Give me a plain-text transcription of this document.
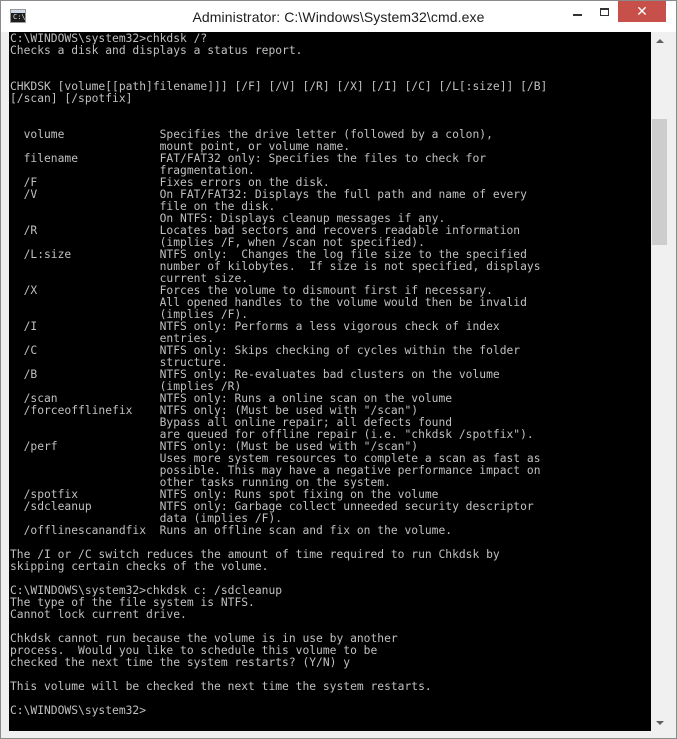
C:\	Administrator: C:\Windows\System32\cmd.exe	✕
C:\WINDOWS\system32>chkdsk /?
Checks a disk and displays a status report.

CHKDSK [volume[[path]filename]]] [/F] [/V] [/R] [/X] [/I] [/C] [/L[:size]] [/B]
[/scan] [/spotfix]

volume              Specifies the drive letter (followed by a colon),
mount point, or volume name.
filename            FAT/FAT32 only: Specifies the files to check for
fragmentation.
/F                  Fixes errors on the disk.
/V                  On FAT/FAT32: Displays the full path and name of every
file on the disk.
On NTFS: Displays cleanup messages if any.
/R                  Locates bad sectors and recovers readable information
(implies /F, when /scan not specified).
/L:size             NTFS only:  Changes the log file size to the specified
number of kilobytes.  If size is not specified, displays
current size.
/X                  Forces the volume to dismount first if necessary.
All opened handles to the volume would then be invalid
(implies /F).
/I                  NTFS only: Performs a less vigorous check of index
entries.
/C                  NTFS only: Skips checking of cycles within the folder
structure.
/B                  NTFS only: Re-evaluates bad clusters on the volume
(implies /R)
/scan               NTFS only: Runs a online scan on the volume
/forceofflinefix    NTFS only: (Must be used with "/scan")
Bypass all online repair; all defects found
are queued for offline repair (i.e. "chkdsk /spotfix").
/perf               NTFS only: (Must be used with "/scan")
Uses more system resources to complete a scan as fast as
possible. This may have a negative performance impact on
other tasks running on the system.
/spotfix            NTFS only: Runs spot fixing on the volume
/sdcleanup          NTFS only: Garbage collect unneeded security descriptor
data (implies /F).
/offlinescanandfix  Runs an offline scan and fix on the volume.

The /I or /C switch reduces the amount of time required to run Chkdsk by
skipping certain checks of the volume.

C:\WINDOWS\system32>chkdsk c: /sdcleanup
The type of the file system is NTFS.
Cannot lock current drive.

Chkdsk cannot run because the volume is in use by another
process.  Would you like to schedule this volume to be
checked the next time the system restarts? (Y/N) y

This volume will be checked the next time the system restarts.

C:\WINDOWS\system32>
